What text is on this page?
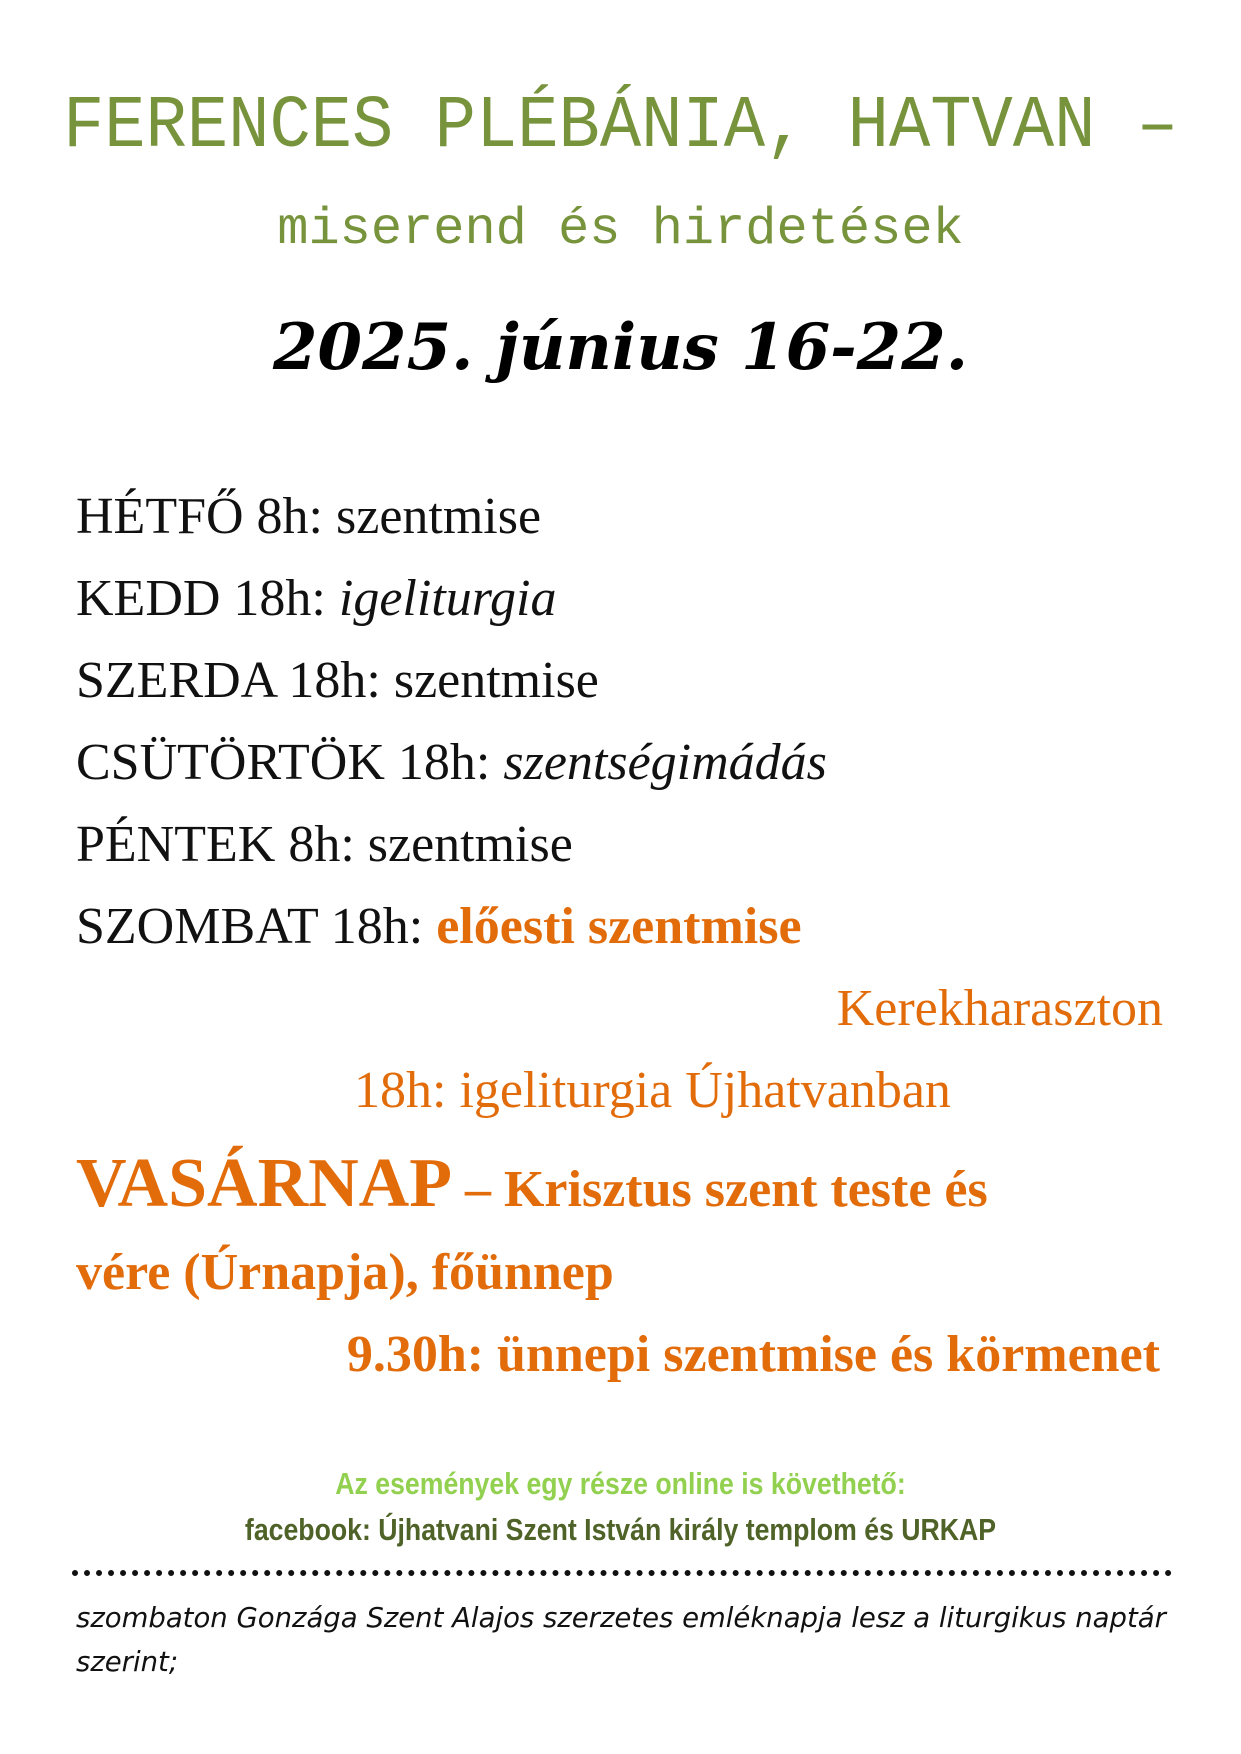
FERENCES PLÉBÁNIA, HATVAN –
miserend és hirdetések
2025. június 16-22.
HÉTFŐ 8h: szentmise
KEDD 18h: igeliturgia
SZERDA 18h: szentmise
CSÜTÖRTÖK 18h: szentségimádás
PÉNTEK 8h: szentmise
SZOMBAT 18h: előesti szentmise
Kerekharaszton
18h: igeliturgia Újhatvanban
VASÁRNAP – Krisztus szent teste és
vére (Úrnapja), főünnep
9.30h: ünnepi szentmise és körmenet
Az események egy része online is követhető:
facebook: Újhatvani Szent István király templom és URKAP
szombaton Gonzága Szent Alajos szerzetes emléknapja lesz a liturgikus naptár szerint;
